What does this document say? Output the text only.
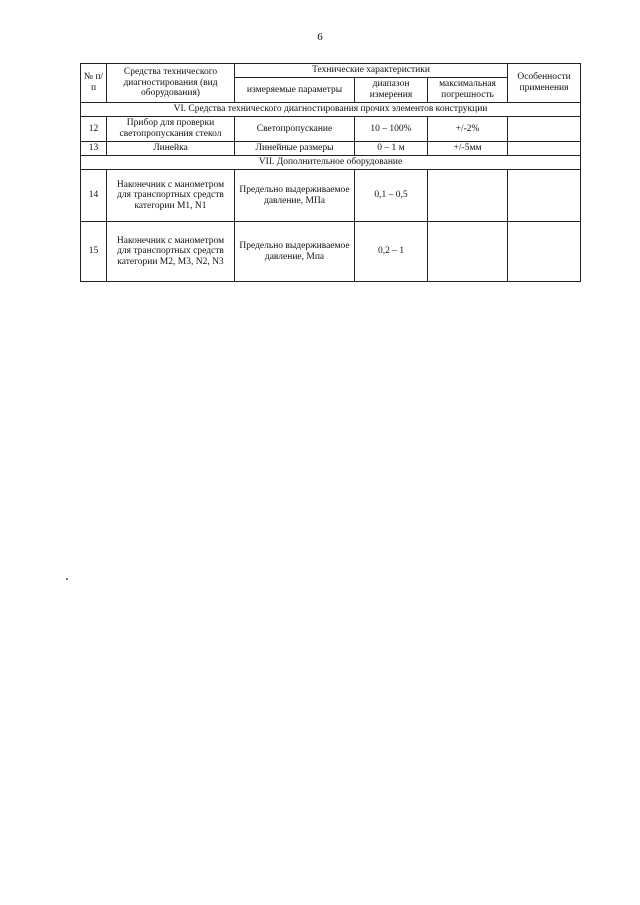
6
№ п/п	Средства технического диагностирования (вид оборудования)	Технические характеристики			Особенности применения
		измеряемые параметры	диапазон измерения	максимальная погрешность	
VI. Средства технического диагностирования прочих элементов конструкции					
12	Прибор для проверки светопропускания стекол	Светопропускание	10 – 100%	+/-2%	
13	Линейка	Линейные размеры	0 – 1 м	+/-5мм	
VII. Дополнительное оборудование					
14	Наконечник с манометром для транспортных средств категории М1, N1	Предельно выдерживаемое давление, МПа	0,1 – 0,5		
15	Наконечник с манометром для транспортных средств категории М2, М3, N2, N3	Предельно выдерживаемое давление, Мпа	0,2 – 1		
